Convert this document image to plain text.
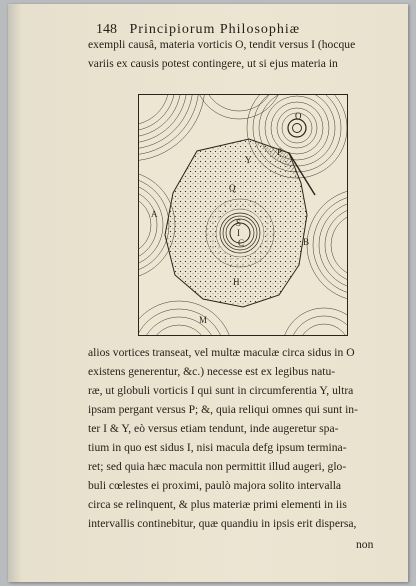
148 Principiorum Philosophiæ
exempli causâ, materia vorticis O, tendit versus I (hocque
variis ex causis potest contingere, ut si ejus materia in
O
P
Y
Q
A
B
H
M
S
I
C
alios vortices transeat, vel multæ maculæ circa sidus in O
existens generentur, &c.) necesse est ex legibus natu-
ræ, ut globuli vorticis I qui sunt in circumferentia Y, ultra
ipsam pergant versus P; &, quia reliqui omnes qui sunt in-
ter I & Y, eò versus etiam tendunt, inde augeretur spa-
tium in quo est sidus I, nisi macula defg ipsum termina-
ret; sed quia hæc macula non permittit illud augeri, glo-
buli cœlestes ei proximi, paulò majora solito intervalla
circa se relinquent, & plus materiæ primi elementi in iis
intervallis continebitur, quæ quandiu in ipsis erit dispersa,
non
